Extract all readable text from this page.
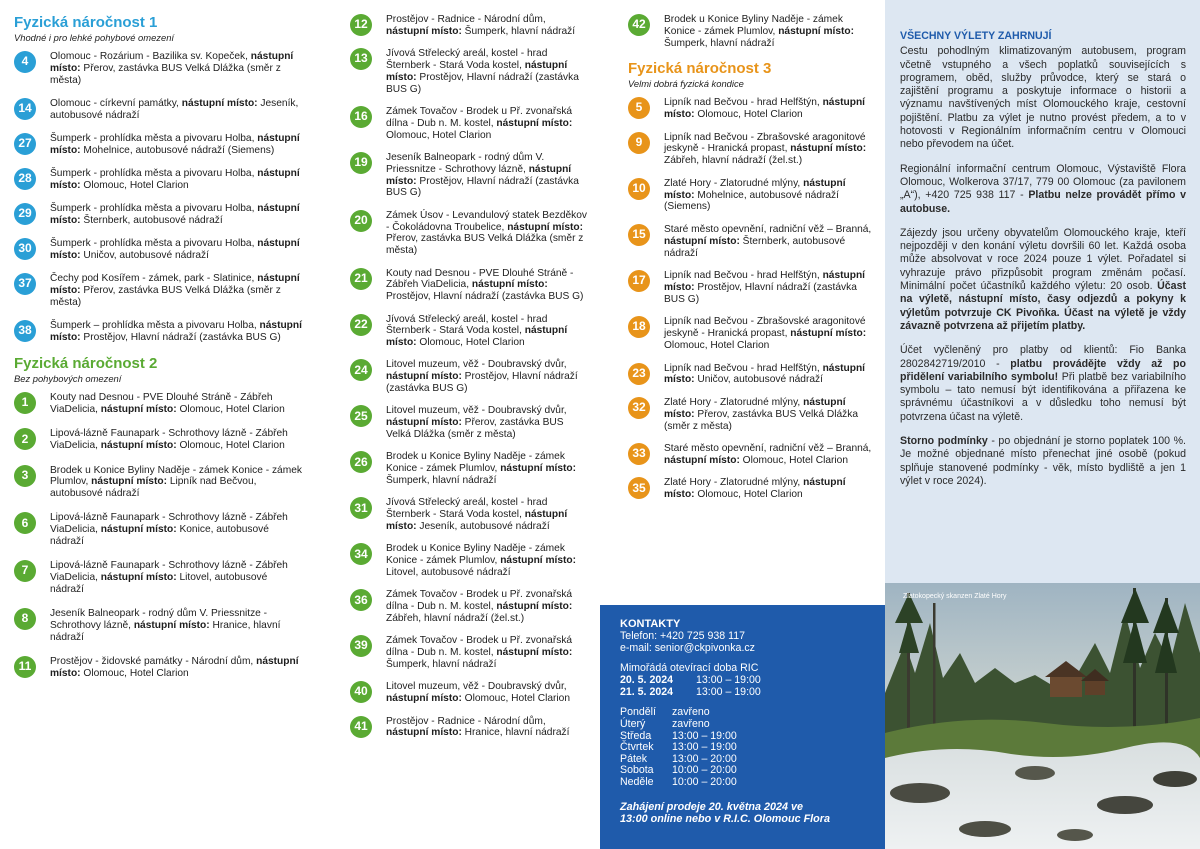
Fyzická náročnost 1
Vhodné i pro lehké pohybové omezení
4	Olomouc - Rozárium - Bazilika sv. Kopeček, nástupní místo: Přerov, zastávka BUS Velká Dlážka (směr z města)
14	Olomouc - církevní památky, nástupní místo: Jeseník, autobusové nádraží
27	Šumperk - prohlídka města a pivovaru Holba, nástupní místo: Mohelnice, autobusové nádraží (Siemens)
28	Šumperk - prohlídka města a pivovaru Holba, nástupní místo: Olomouc, Hotel Clarion
29	Šumperk - prohlídka města a pivovaru Holba, nástupní místo: Šternberk, autobusové nádraží
30	Šumperk - prohlídka města a pivovaru Holba, nástupní místo: Uničov, autobusové nádraží
37	Čechy pod Kosířem - zámek, park - Slatinice, nástupní místo: Přerov, zastávka BUS Velká Dlážka (směr z města)
38	Šumperk – prohlídka města a pivovaru Holba, nástupní místo: Prostějov, Hlavní nádraží (zastávka BUS G)
Fyzická náročnost 2
Bez pohybových omezení
1	Kouty nad Desnou - PVE Dlouhé Stráně - Zábřeh ViaDelicia, nástupní místo: Olomouc, Hotel Clarion
2	Lipová-lázně Faunapark - Schrothovy lázně - Zábřeh ViaDelicia, nástupní místo: Olomouc, Hotel Clarion
3	Brodek u Konice Byliny Naděje - zámek Konice - zámek Plumlov, nástupní místo: Lipník nad Bečvou, autobusové nádraží
6	Lipová-lázně Faunapark - Schrothovy lázně - Zábřeh ViaDelicia, nástupní místo: Konice, autobusové nádraží
7	Lipová-lázně Faunapark - Schrothovy lázně - Zábřeh ViaDelicia, nástupní místo: Litovel, autobusové nádraží
8	Jeseník Balneopark - rodný dům V. Priessnitze - Schrothovy lázně, nástupní místo: Hranice, hlavní nádraží
11	Prostějov - židovské památky - Národní dům, nástupní místo: Olomouc, Hotel Clarion
12	Prostějov - Radnice - Národní dům, nástupní místo: Šumperk, hlavní nádraží
13	Jívová Střelecký areál, kostel - hrad Šternberk - Stará Voda kostel, nástupní místo: Prostějov, Hlavní nádraží (zastávka BUS G)
16	Zámek Tovačov - Brodek u Př. zvonařská dílna - Dub n. M. kostel, nástupní místo: Olomouc, Hotel Clarion
19	Jeseník Balneopark - rodný dům V. Priessnitze - Schrothovy lázně, nástupní místo: Prostějov, Hlavní nádraží (zastávka BUS G)
20	Zámek Úsov - Levandulový statek Bezděkov - Čokoládovna Troubelice, nástupní místo: Přerov, zastávka BUS Velká Dlážka (směr z města)
21	Kouty nad Desnou - PVE Dlouhé Stráně - Zábřeh ViaDelicia, nástupní místo: Prostějov, Hlavní nádraží (zastávka BUS G)
22	Jívová Střelecký areál, kostel - hrad Šternberk - Stará Voda kostel, nástupní místo: Olomouc, Hotel Clarion
24	Litovel muzeum, věž - Doubravský dvůr, nástupní místo: Prostějov, Hlavní nádraží (zastávka BUS G)
25	Litovel muzeum, věž - Doubravský dvůr, nástupní místo: Přerov, zastávka BUS Velká Dlážka (směr z města)
26	Brodek u Konice Byliny Naděje - zámek Konice - zámek Plumlov, nástupní místo: Šumperk, hlavní nádraží
31	Jívová Střelecký areál, kostel - hrad Šternberk - Stará Voda kostel, nástupní místo: Jeseník, autobusové nádraží
34	Brodek u Konice Byliny Naděje - zámek Konice - zámek Plumlov, nástupní místo: Litovel, autobusové nádraží
36	Zámek Tovačov - Brodek u Př. zvonařská dílna - Dub n. M. kostel, nástupní místo: Zábřeh, hlavní nádraží (žel.st.)
39	Zámek Tovačov - Brodek u Př. zvonařská dílna - Dub n. M. kostel, nástupní místo: Šumperk, hlavní nádraží
40	Litovel muzeum, věž - Doubravský dvůr, nástupní místo: Olomouc, Hotel Clarion
41	Prostějov - Radnice - Národní dům, nástupní místo: Hranice, hlavní nádraží
42	Brodek u Konice Byliny Naděje - zámek Konice - zámek Plumlov, nástupní místo: Šumperk, hlavní nádraží
Fyzická náročnost 3
Velmi dobrá fyzická kondice
5	Lipník nad Bečvou - hrad Helfštýn, nástupní místo: Olomouc, Hotel Clarion
9	Lipník nad Bečvou - Zbrašovské aragonitové jeskyně - Hranická propast, nástupní místo: Zábřeh, hlavní nádraží (žel.st.)
10	Zlaté Hory - Zlatorudné mlýny, nástupní místo: Mohelnice, autobusové nádraží (Siemens)
15	Staré město opevnění, radniční věž – Branná, nástupní místo: Šternberk, autobusové nádraží
17	Lipník nad Bečvou - hrad Helfštýn, nástupní místo: Prostějov, Hlavní nádraží (zastávka BUS G)
18	Lipník nad Bečvou - Zbrašovské aragonitové jeskyně - Hranická propast, nástupní místo: Olomouc, Hotel Clarion
23	Lipník nad Bečvou - hrad Helfštýn, nástupní místo: Uničov, autobusové nádraží
32	Zlaté Hory - Zlatorudné mlýny, nástupní místo: Přerov, zastávka BUS Velká Dlážka (směr z města)
33	Staré město opevnění, radniční věž – Branná, nástupní místo: Olomouc, Hotel Clarion
35	Zlaté Hory - Zlatorudné mlýny, nástupní místo: Olomouc, Hotel Clarion
KONTAKTY
Telefon: +420 725 938 117
e-mail: senior@ckpivonka.cz
Mimořádá otevírací doba RIC
20. 5. 2024	13:00 – 19:00
21. 5. 2024	13:00 – 19:00
Pondělí	zavřeno
Úterý	zavřeno
Středa	13:00 – 19:00
Čtvrtek	13:00 – 19:00
Pátek	13:00 – 20:00
Sobota	10:00 – 20:00
Neděle	10:00 – 20:00
Zahájení prodeje 20. května 2024 ve
13:00 online nebo v R.I.C. Olomouc Flora
VŠECHNY VÝLETY ZAHRNUJÍ

Cestu pohodlným klimatizovaným autobusem, program včetně vstupného a všech poplatků souvisejících s programem, oběd, služby průvodce, který se stará o zajištění programu a poskytuje informace o historii a významu navštívených míst Olomouckého kraje, cestovní pojištění. Platbu za výlet je nutno provést předem, a to v hotovosti v Regionálním informačním centru v Olomouci nebo převodem na účet.

Regionální informační centrum Olomouc, Výstaviště Flora Olomouc, Wolkerova 37/17, 779 00 Olomouc (za pavilonem „A“), +420 725 938 117 - Platbu nelze provádět přímo v autobuse.

Zájezdy jsou určeny obyvatelům Olomouckého kraje, kteří nejpozději v den konání výletu dovršili 60 let. Každá osoba může absolvovat v roce 2024 pouze 1 výlet. Pořadatel si vyhrazuje právo přizpůsobit program změnám počasí. Minimální počet účastníků každého výletu: 20 osob. Účast na výletě, nástupní místo, časy odjezdů a pokyny k výletům potvrzuje CK Pivoňka. Účast na výletě je vždy závazně potvrzena až přijetím platby.

Účet vyčleněný pro platby od klientů: Fio Banka 2802842719/2010 - platbu provádějte vždy až po přidělení variabilního symbolu! Při platbě bez variabilního symbolu – tato nemusí být identifikována a přiřazena ke správnému účastníkovi a v důsledku toho nemusí být potvrzena účast na výletě.

Storno podmínky - po objednání je storno poplatek 100 %. Je možné objednané místo přenechat jiné osobě (pokud splňuje stanovené podmínky - věk, místo bydliště a jen 1 výlet v roce 2024).

Zlatokopecký skanzen Zlaté Hory
